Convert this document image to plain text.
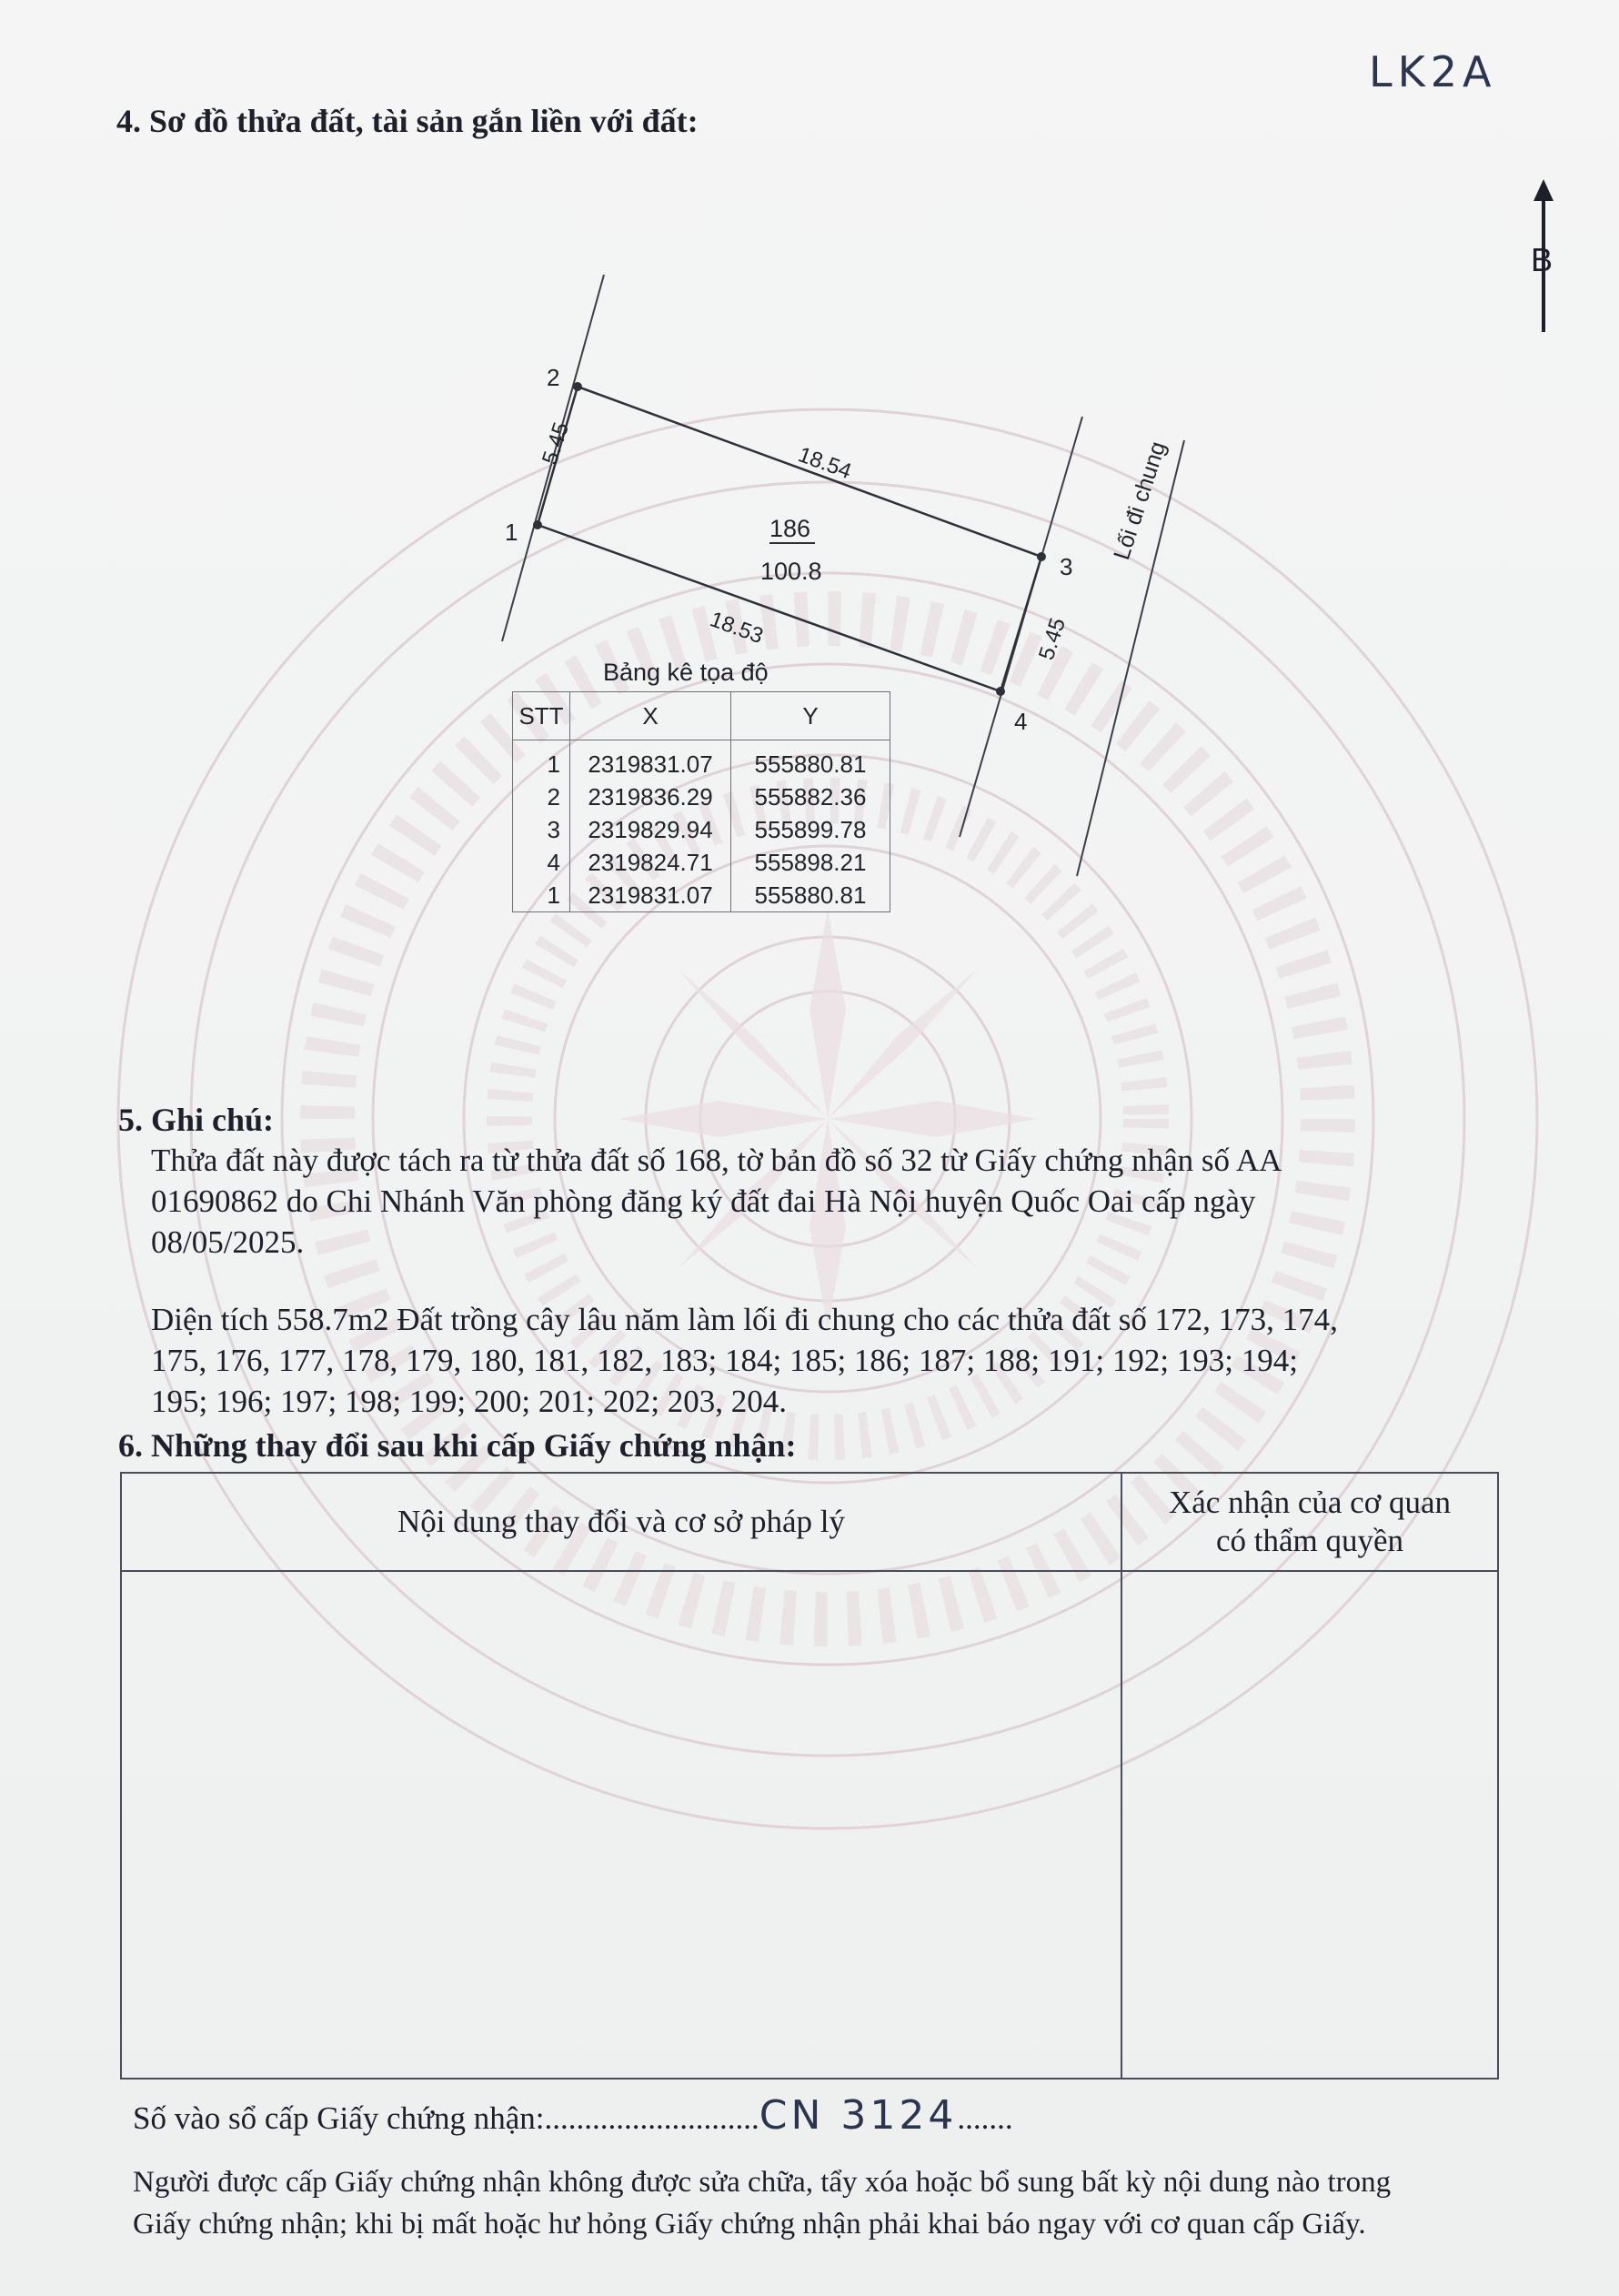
LK2A
B
4. Sơ đồ thửa đất, tài sản gắn liền với đất:
1
2
3
4
5.45	18.54
5.45
18.53
186
100.8
Lối đi chung
Bảng kê tọa độ
STT	X	Y
1	2319831.07	555880.81
2	2319836.29	555882.36
3	2319829.94	555899.78
4	2319824.71	555898.21
1	2319831.07	555880.81
5. Ghi chú:

Thửa đất này được tách ra từ thửa đất số 168, tờ bản đồ số 32 từ Giấy chứng nhận số AA

01690862 do Chi Nhánh Văn phòng đăng ký đất đai Hà Nội huyện Quốc Oai cấp ngày

08/05/2025.

Diện tích 558.7m2 Đất trồng cây lâu năm làm lối đi chung cho các thửa đất số 172, 173, 174,

175, 176, 177, 178, 179, 180, 181, 182, 183; 184; 185; 186; 187; 188; 191; 192; 193; 194;

195; 196; 197; 198; 199; 200; 201; 202; 203, 204.

6. Những thay đổi sau khi cấp Giấy chứng nhận:
Nội dung thay đổi và cơ sở pháp lý	Xác nhận của cơ quan
có thẩm quyền

Số vào sổ cấp Giấy chứng nhận:...........................CN 3124.......

Người được cấp Giấy chứng nhận không được sửa chữa, tẩy xóa hoặc bổ sung bất kỳ nội dung nào trong

Giấy chứng nhận; khi bị mất hoặc hư hỏng Giấy chứng nhận phải khai báo ngay với cơ quan cấp Giấy.
